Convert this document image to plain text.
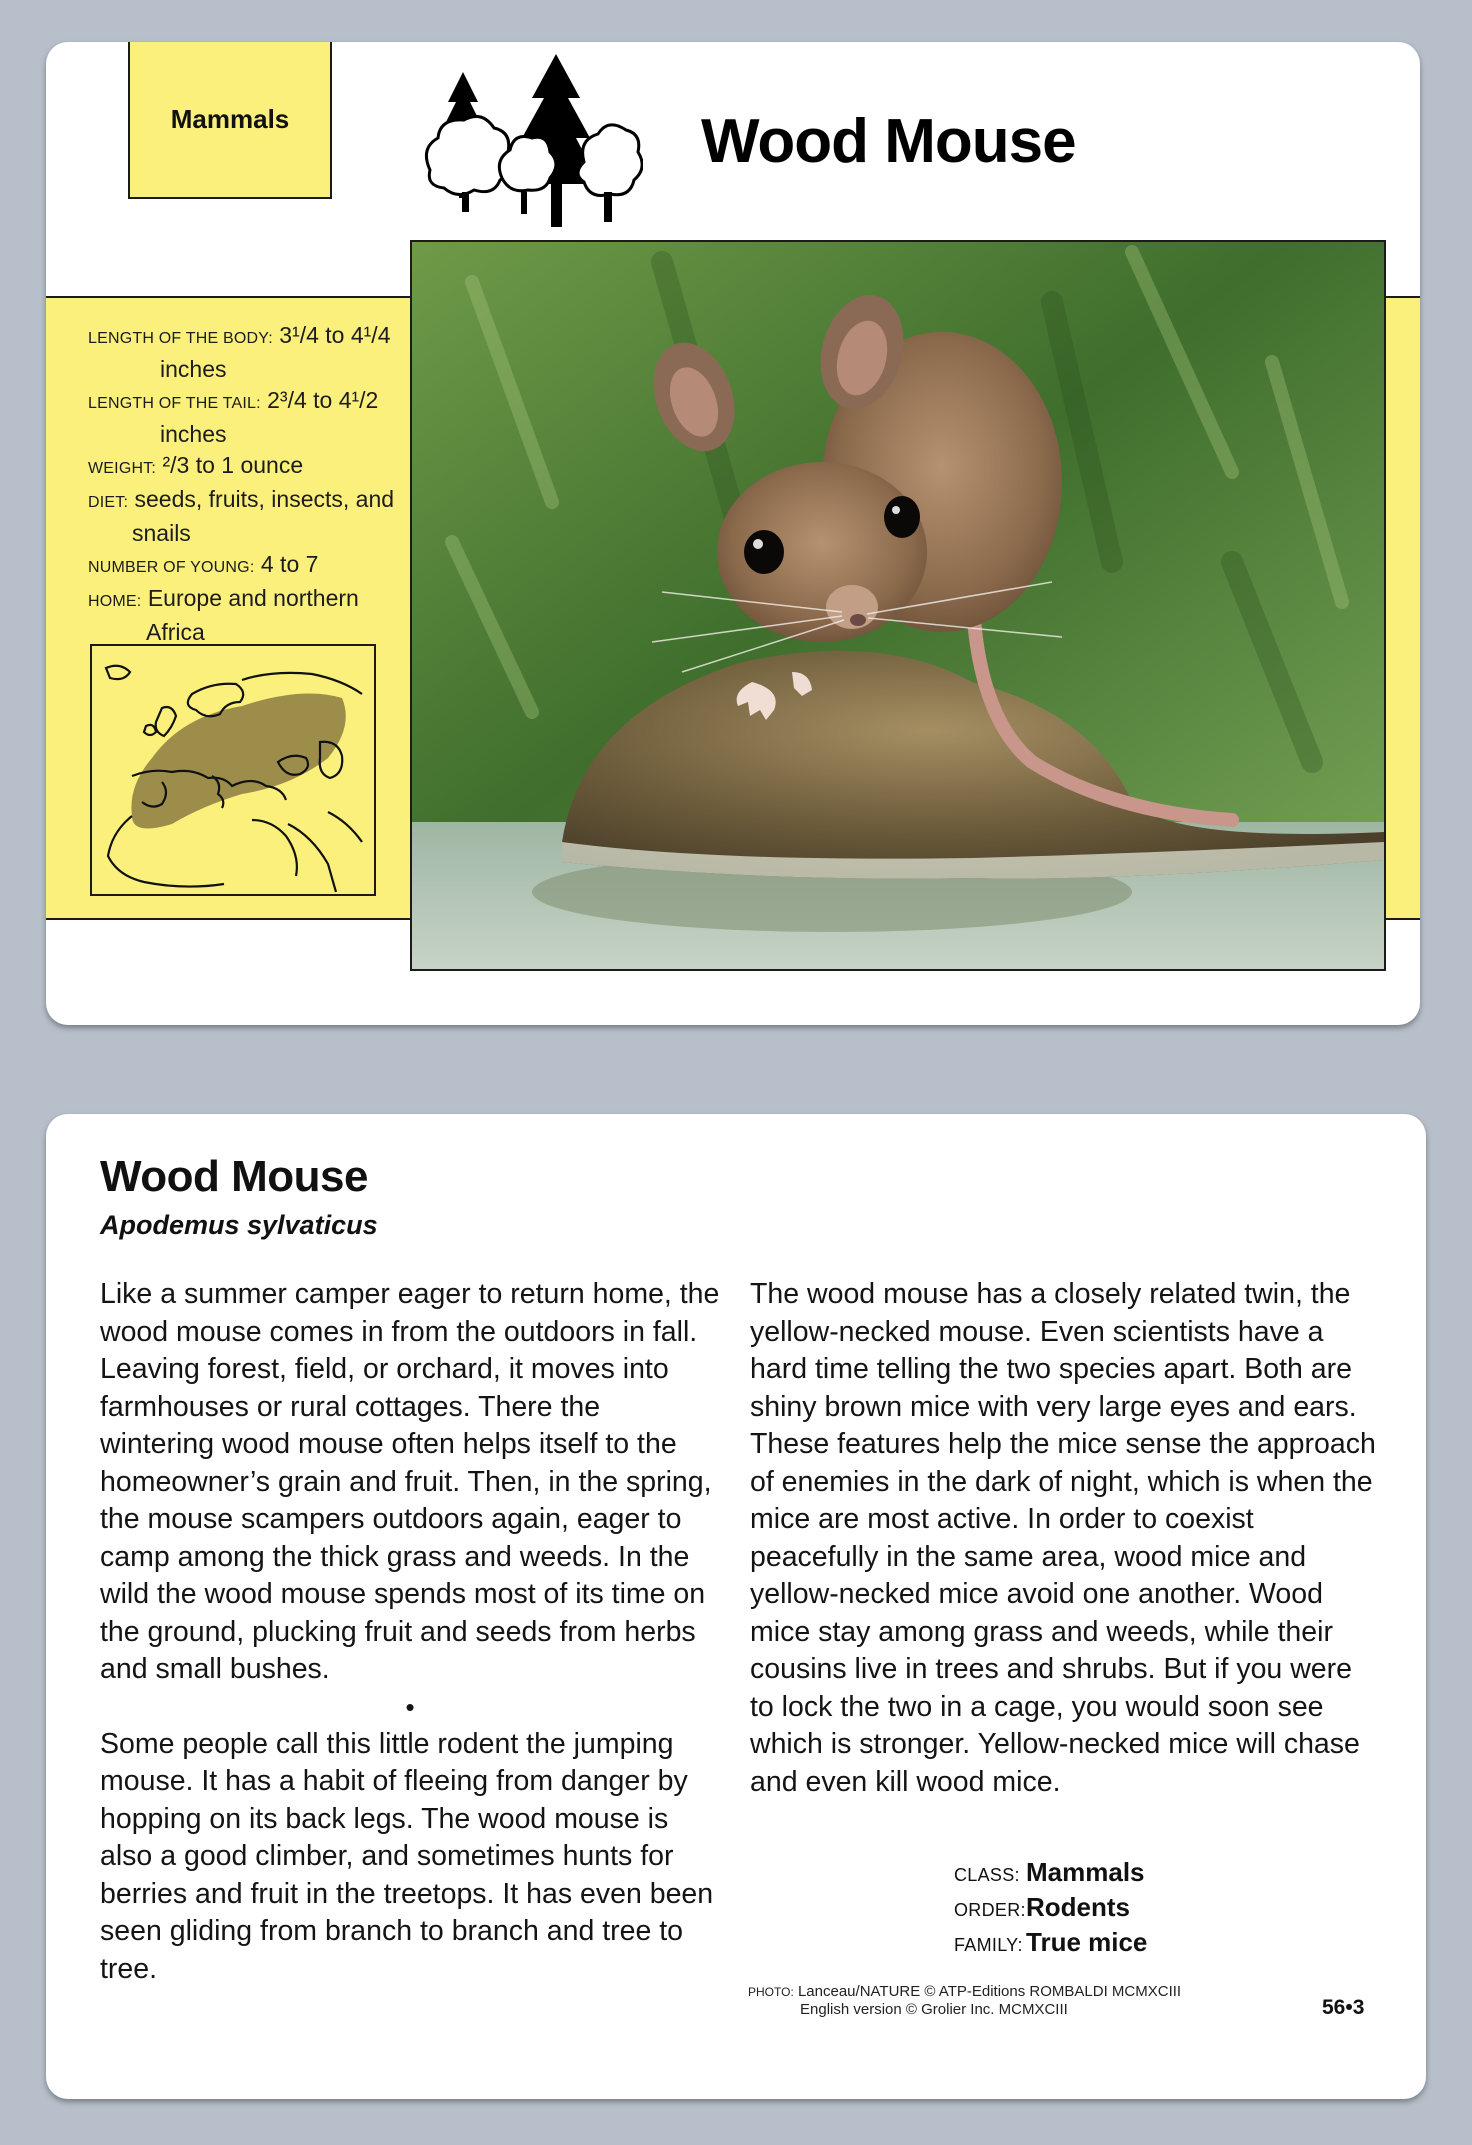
Mammals	Wood Mouse

LENGTH OF THE BODY: 3¹/4 to 4¹/4
inches

LENGTH OF THE TAIL: 2³/4 to 4¹/2
inches

WEIGHT: ²/3 to 1 ounce

DIET: seeds, fruits, insects, and
snails

NUMBER OF YOUNG: 4 to 7

HOME: Europe and northern
Africa

Wood Mouse
Apodemus sylvaticus

Like a summer camper eager to return home, the wood mouse comes in from the outdoors in fall. Leaving forest, field, or orchard, it moves into farmhouses or rural cottages. There the wintering wood mouse often helps itself to the homeowner’s grain and fruit. Then, in the spring, the mouse scampers outdoors again, eager to camp among the thick grass and weeds. In the wild the wood mouse spends most of its time on the ground, plucking fruit and seeds from herbs and small bushes.

•

Some people call this little rodent the jumping mouse. It has a habit of fleeing from danger by hopping on its back legs. The wood mouse is also a good climber, and sometimes hunts for berries and fruit in the treetops. It has even been seen gliding from branch to branch and tree to tree.

The wood mouse has a closely related twin, the yellow-necked mouse. Even scientists have a hard time telling the two species apart. Both are shiny brown mice with very large eyes and ears. These features help the mice sense the approach of enemies in the dark of night, which is when the mice are most active. In order to coexist peacefully in the same area, wood mice and yellow-necked mice avoid one another. Wood mice stay among grass and weeds, while their cousins live in trees and shrubs. But if you were to lock the two in a cage, you would soon see which is stronger. Yellow-necked mice will chase and even kill wood mice.

CLASS: Mammals
ORDER: Rodents
FAMILY: True mice
PHOTO: Lanceau/NATURE © ATP-Editions ROMBALDI MCMXCIII
English version © Grolier Inc. MCMXCIII	56•3
